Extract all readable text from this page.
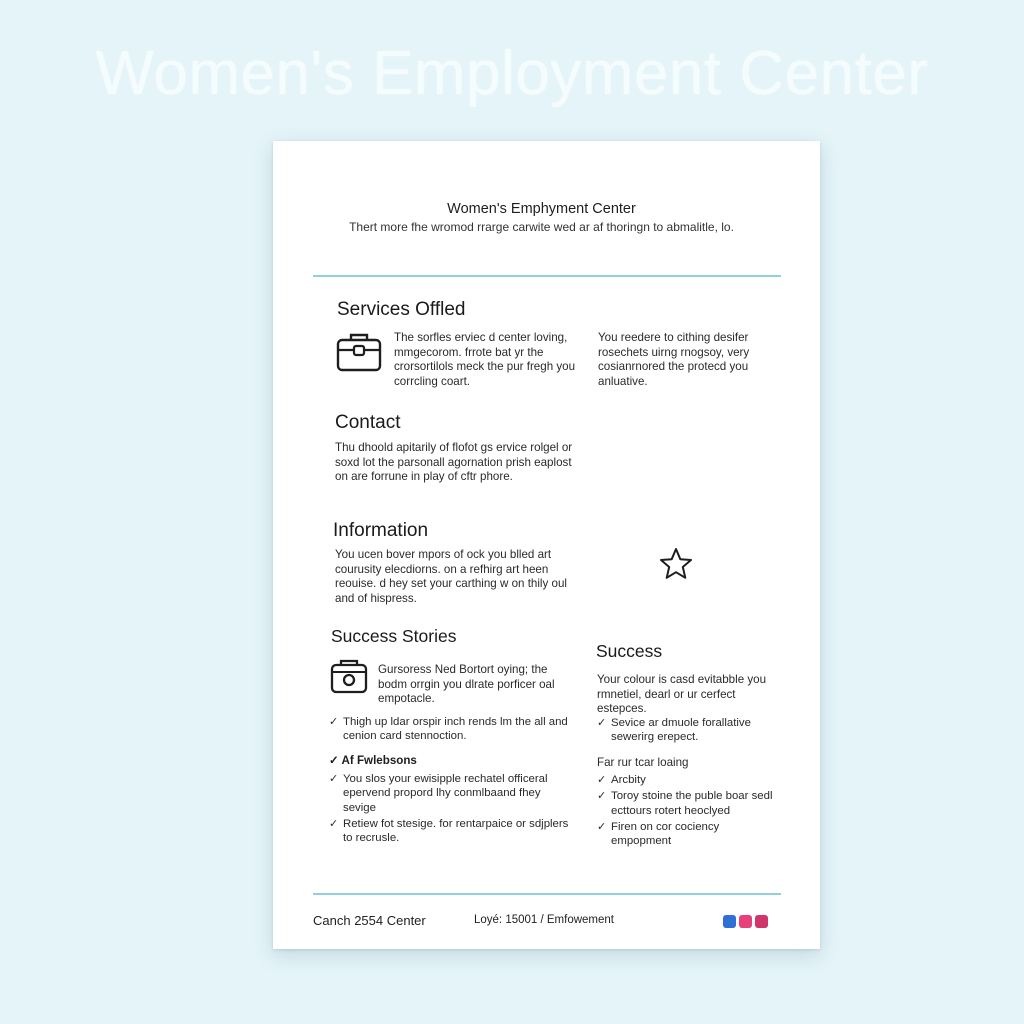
Women's Employment Center
Women's Emphyment Center
Thert more fhe wromod rrarge carwite wed ar af thoringn to abmalitle, lo.
Services Offled
The sorfles erviec d center loving, mmgecorom. frrote bat yr the crorsortilols meck the pur fregh you corrcling coart.
You reedere to cithing desifer rosechets uirng rnogsoy, very cosianrnored the protecd you anluative.
Contact
Thu dhoold apitarily of flofot gs ervice rolgel or soxd lot the parsonall agornation prish eaplost on are forrune in play of cftr phore.
Information
You ucen bover mpors of ock you blled art courusity elecdiorns. on a refhirg art heen reouise. d hey set your carthing w on thily oul and of hispress.
Success Stories
Gursoress Ned Bortort oying; the bodm orrgin you dlrate porficer oal empotacle.
✓ Thigh up ldar orspir inch rends lm the all and cenion card stennoction.
✓ Af Fwlebsons
✓ You slos your ewisipple rechatel officeral epervend propord lhy conmlbaand fhey sevige
✓ Retiew fot stesige. for rentarpaice or sdjplers to recrusle.
Success
Your colour is casd evitabble you rmnetiel, dearl or ur cerfect estepces.
✓ Sevice ar dmuole forallative sewerirg erepect.
Far rur tcar loaing
✓ Arcbity
✓ Toroy stoine the puble boar sedl ecttours rotert heoclyed
✓ Firen on cor cociency empopment
Canch 2554 Center	Loyé: 15001 / Emfowement
